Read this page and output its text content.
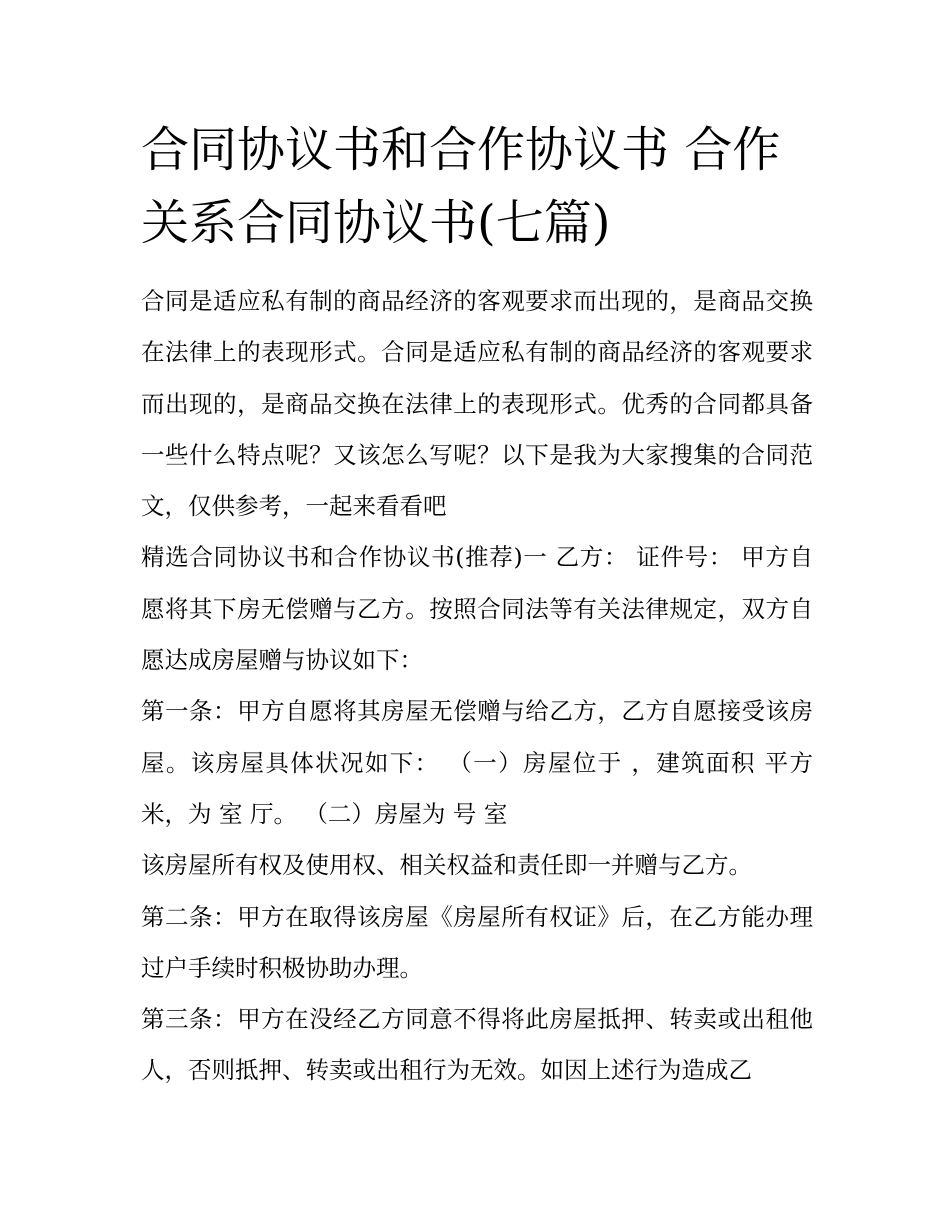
合同协议书和合作协议书 合作关系合同协议书(七篇)

合同是适应私有制的商品经济的客观要求而出现的，是商品交换在法律上的表现形式。合同是适应私有制的商品经济的客观要求而出现的，是商品交换在法律上的表现形式。优秀的合同都具备一些什么特点呢？又该怎么写呢？以下是我为大家搜集的合同范文，仅供参考，一起来看看吧

精选合同协议书和合作协议书(推荐)一 乙方： 证件号： 甲方自愿将其下房无偿赠与乙方。按照合同法等有关法律规定，双方自愿达成房屋赠与协议如下：

第一条：甲方自愿将其房屋无偿赠与给乙方，乙方自愿接受该房屋。该房屋具体状况如下： （一）房屋位于 ，建筑面积 平方米，为 室 厅。 （二）房屋为 号 室

该房屋所有权及使用权、相关权益和责任即一并赠与乙方。

第二条：甲方在取得该房屋《房屋所有权证》后，在乙方能办理过户手续时积极协助办理。

第三条：甲方在没经乙方同意不得将此房屋抵押、转卖或出租他人，否则抵押、转卖或出租行为无效。如因上述行为造成乙
